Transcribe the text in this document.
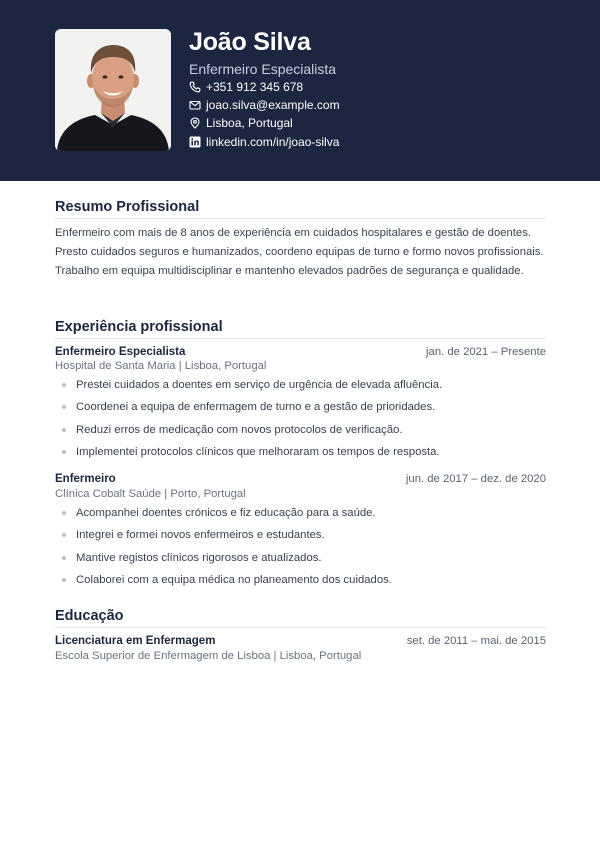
João Silva
Enfermeiro Especialista
+351 912 345 678
joao.silva@example.com
Lisboa, Portugal
linkedin.com/in/joao-silva
Resumo Profissional

Enfermeiro com mais de 8 anos de experiência em cuidados hospitalares e gestão de doentes. Presto cuidados seguros e humanizados, coordeno equipas de turno e formo novos profissionais. Trabalho em equipa multidisciplinar e mantenho elevados padrões de segurança e qualidade.

Experiência profissional
Enfermeiro Especialista	jan. de 2021 – Presente
Hospital de Santa Maria | Lisboa, Portugal
Prestei cuidados a doentes em serviço de urgência de elevada afluência.
Coordenei a equipa de enfermagem de turno e a gestão de prioridades.
Reduzi erros de medicação com novos protocolos de verificação.
Implementei protocolos clínicos que melhoraram os tempos de resposta.
Enfermeiro	jun. de 2017 – dez. de 2020
Clínica Cobalt Saúde | Porto, Portugal
Acompanhei doentes crónicos e fiz educação para a saúde.
Integrei e formei novos enfermeiros e estudantes.
Mantive registos clínicos rigorosos e atualizados.
Colaborei com a equipa médica no planeamento dos cuidados.
Educação
Licenciatura em Enfermagem	set. de 2011 – mai. de 2015
Escola Superior de Enfermagem de Lisboa | Lisboa, Portugal
